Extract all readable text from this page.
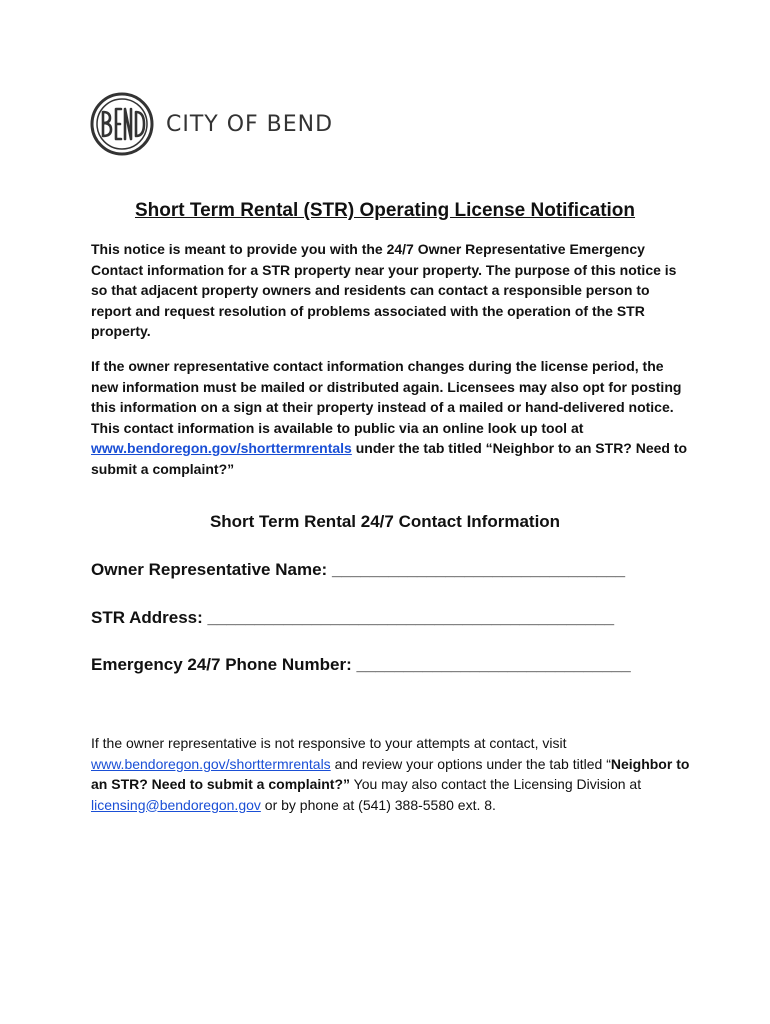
CITY OF BEND
Short Term Rental (STR) Operating License Notification

This notice is meant to provide you with the 24/7 Owner Representative Emergency Contact information for a STR property near your property. The purpose of this notice is so that adjacent property owners and residents can contact a responsible person to report and request resolution of problems associated with the operation of the STR property.

If the owner representative contact information changes during the license period, the new information must be mailed or distributed again. Licensees may also opt for posting this information on a sign at their property instead of a mailed or hand-delivered notice. This contact information is available to public via an online look up tool at www.bendoregon.gov/shorttermrentals under the tab titled “Neighbor to an STR? Need to submit a complaint?”

Short Term Rental 24/7 Contact Information

Owner Representative Name: _______________________________

STR Address: ___________________________________________

Emergency 24/7 Phone Number: _____________________________

If the owner representative is not responsive to your attempts at contact, visit www.bendoregon.gov/shorttermrentals and review your options under the tab titled “Neighbor to an STR? Need to submit a complaint?” You may also contact the Licensing Division at licensing@bendoregon.gov or by phone at (541) 388-5580 ext. 8.
